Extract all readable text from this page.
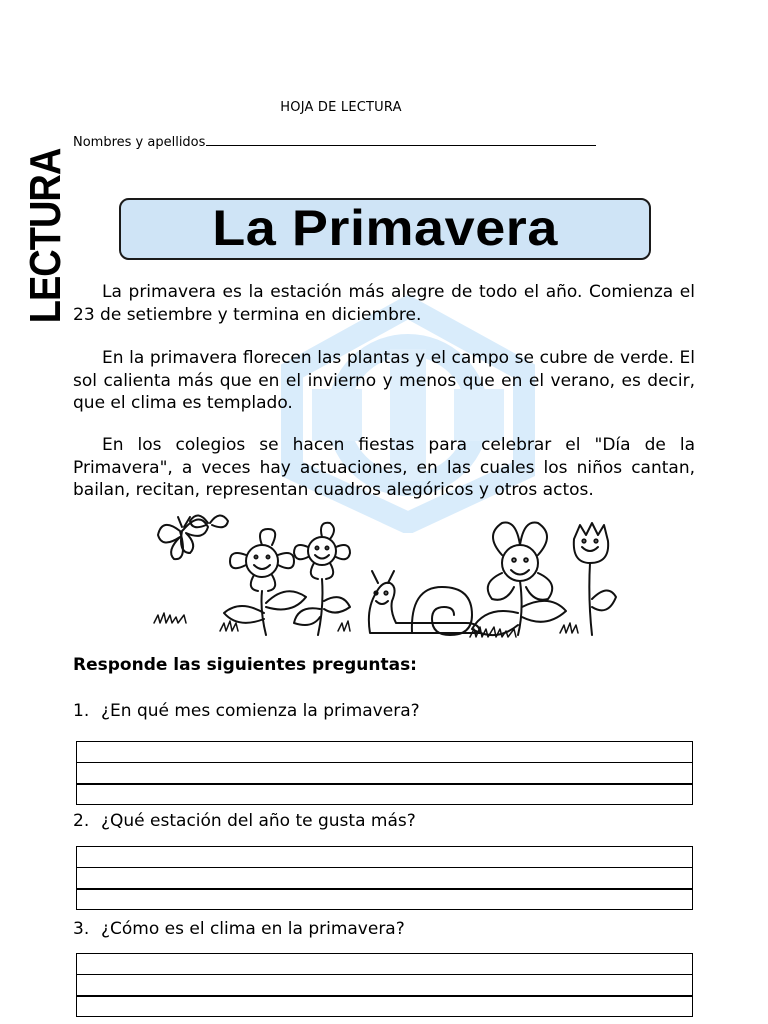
HOJA DE LECTURA
Nombres y apellidos
LECTURA	La Primavera

La primavera es la estación más alegre de todo el año. Comienza el 23 de setiembre y termina en diciembre.

En la primavera florecen las plantas y el campo se cubre de verde. El sol calienta más que en el invierno y menos que en el verano, es decir, que el clima es templado.

En los colegios se hacen fiestas para celebrar el "Día de la Primavera", a veces hay actuaciones, en las cuales los niños cantan, bailan, recitan, representan cuadros alegóricos y otros actos.

Responde las siguientes preguntas:
1. ¿En qué mes comienza la primavera?
2. ¿Qué estación del año te gusta más?
3. ¿Cómo es el clima en la primavera?
